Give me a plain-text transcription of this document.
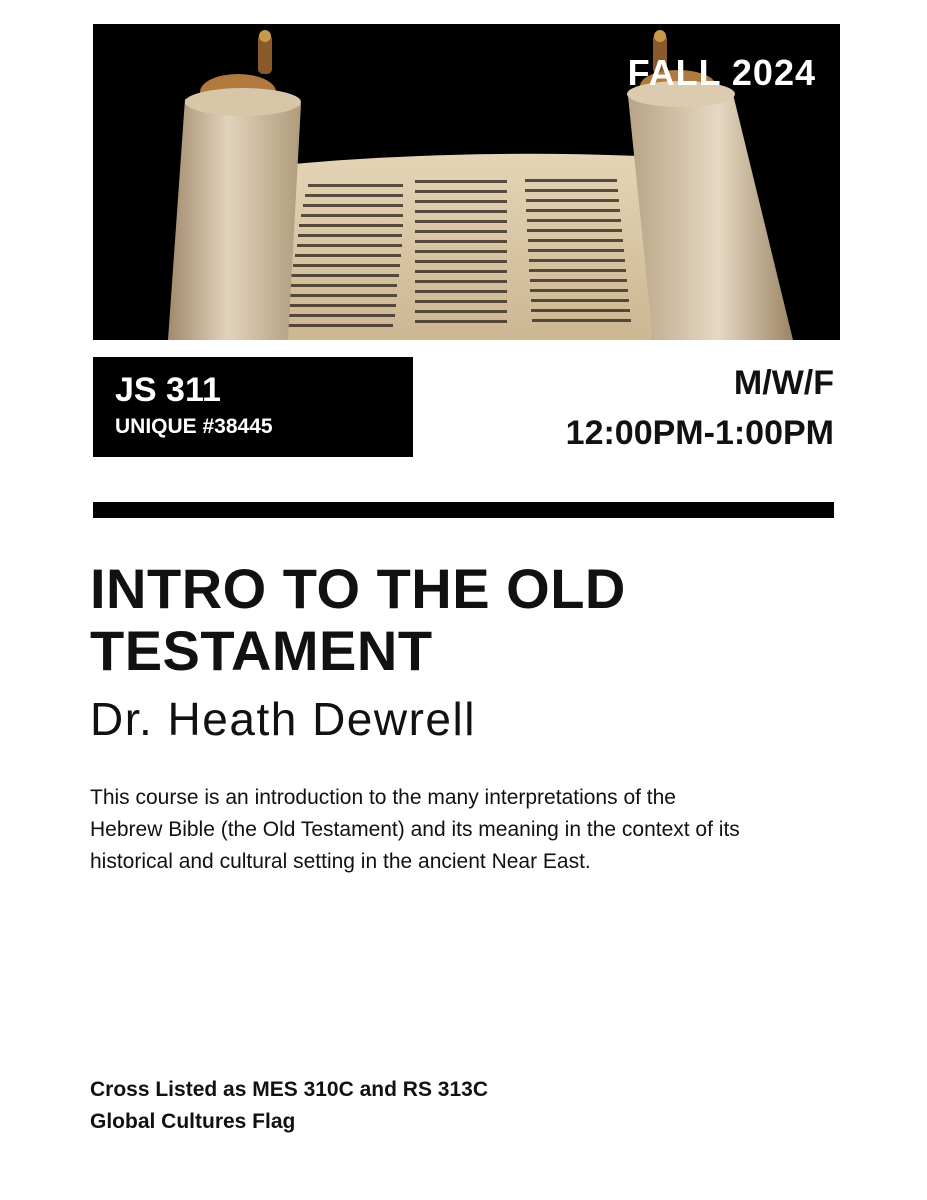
FALL 2024
JS 311
UNIQUE #38445
M/W/F
12:00PM-1:00PM
INTRO TO THE OLD
TESTAMENT
Dr. Heath Dewrell
This course is an introduction to the many interpretations of the
Hebrew Bible (the Old Testament) and its meaning in the context of its
historical and cultural setting in the ancient Near East.
Cross Listed as MES 310C and RS 313C
Global Cultures Flag
